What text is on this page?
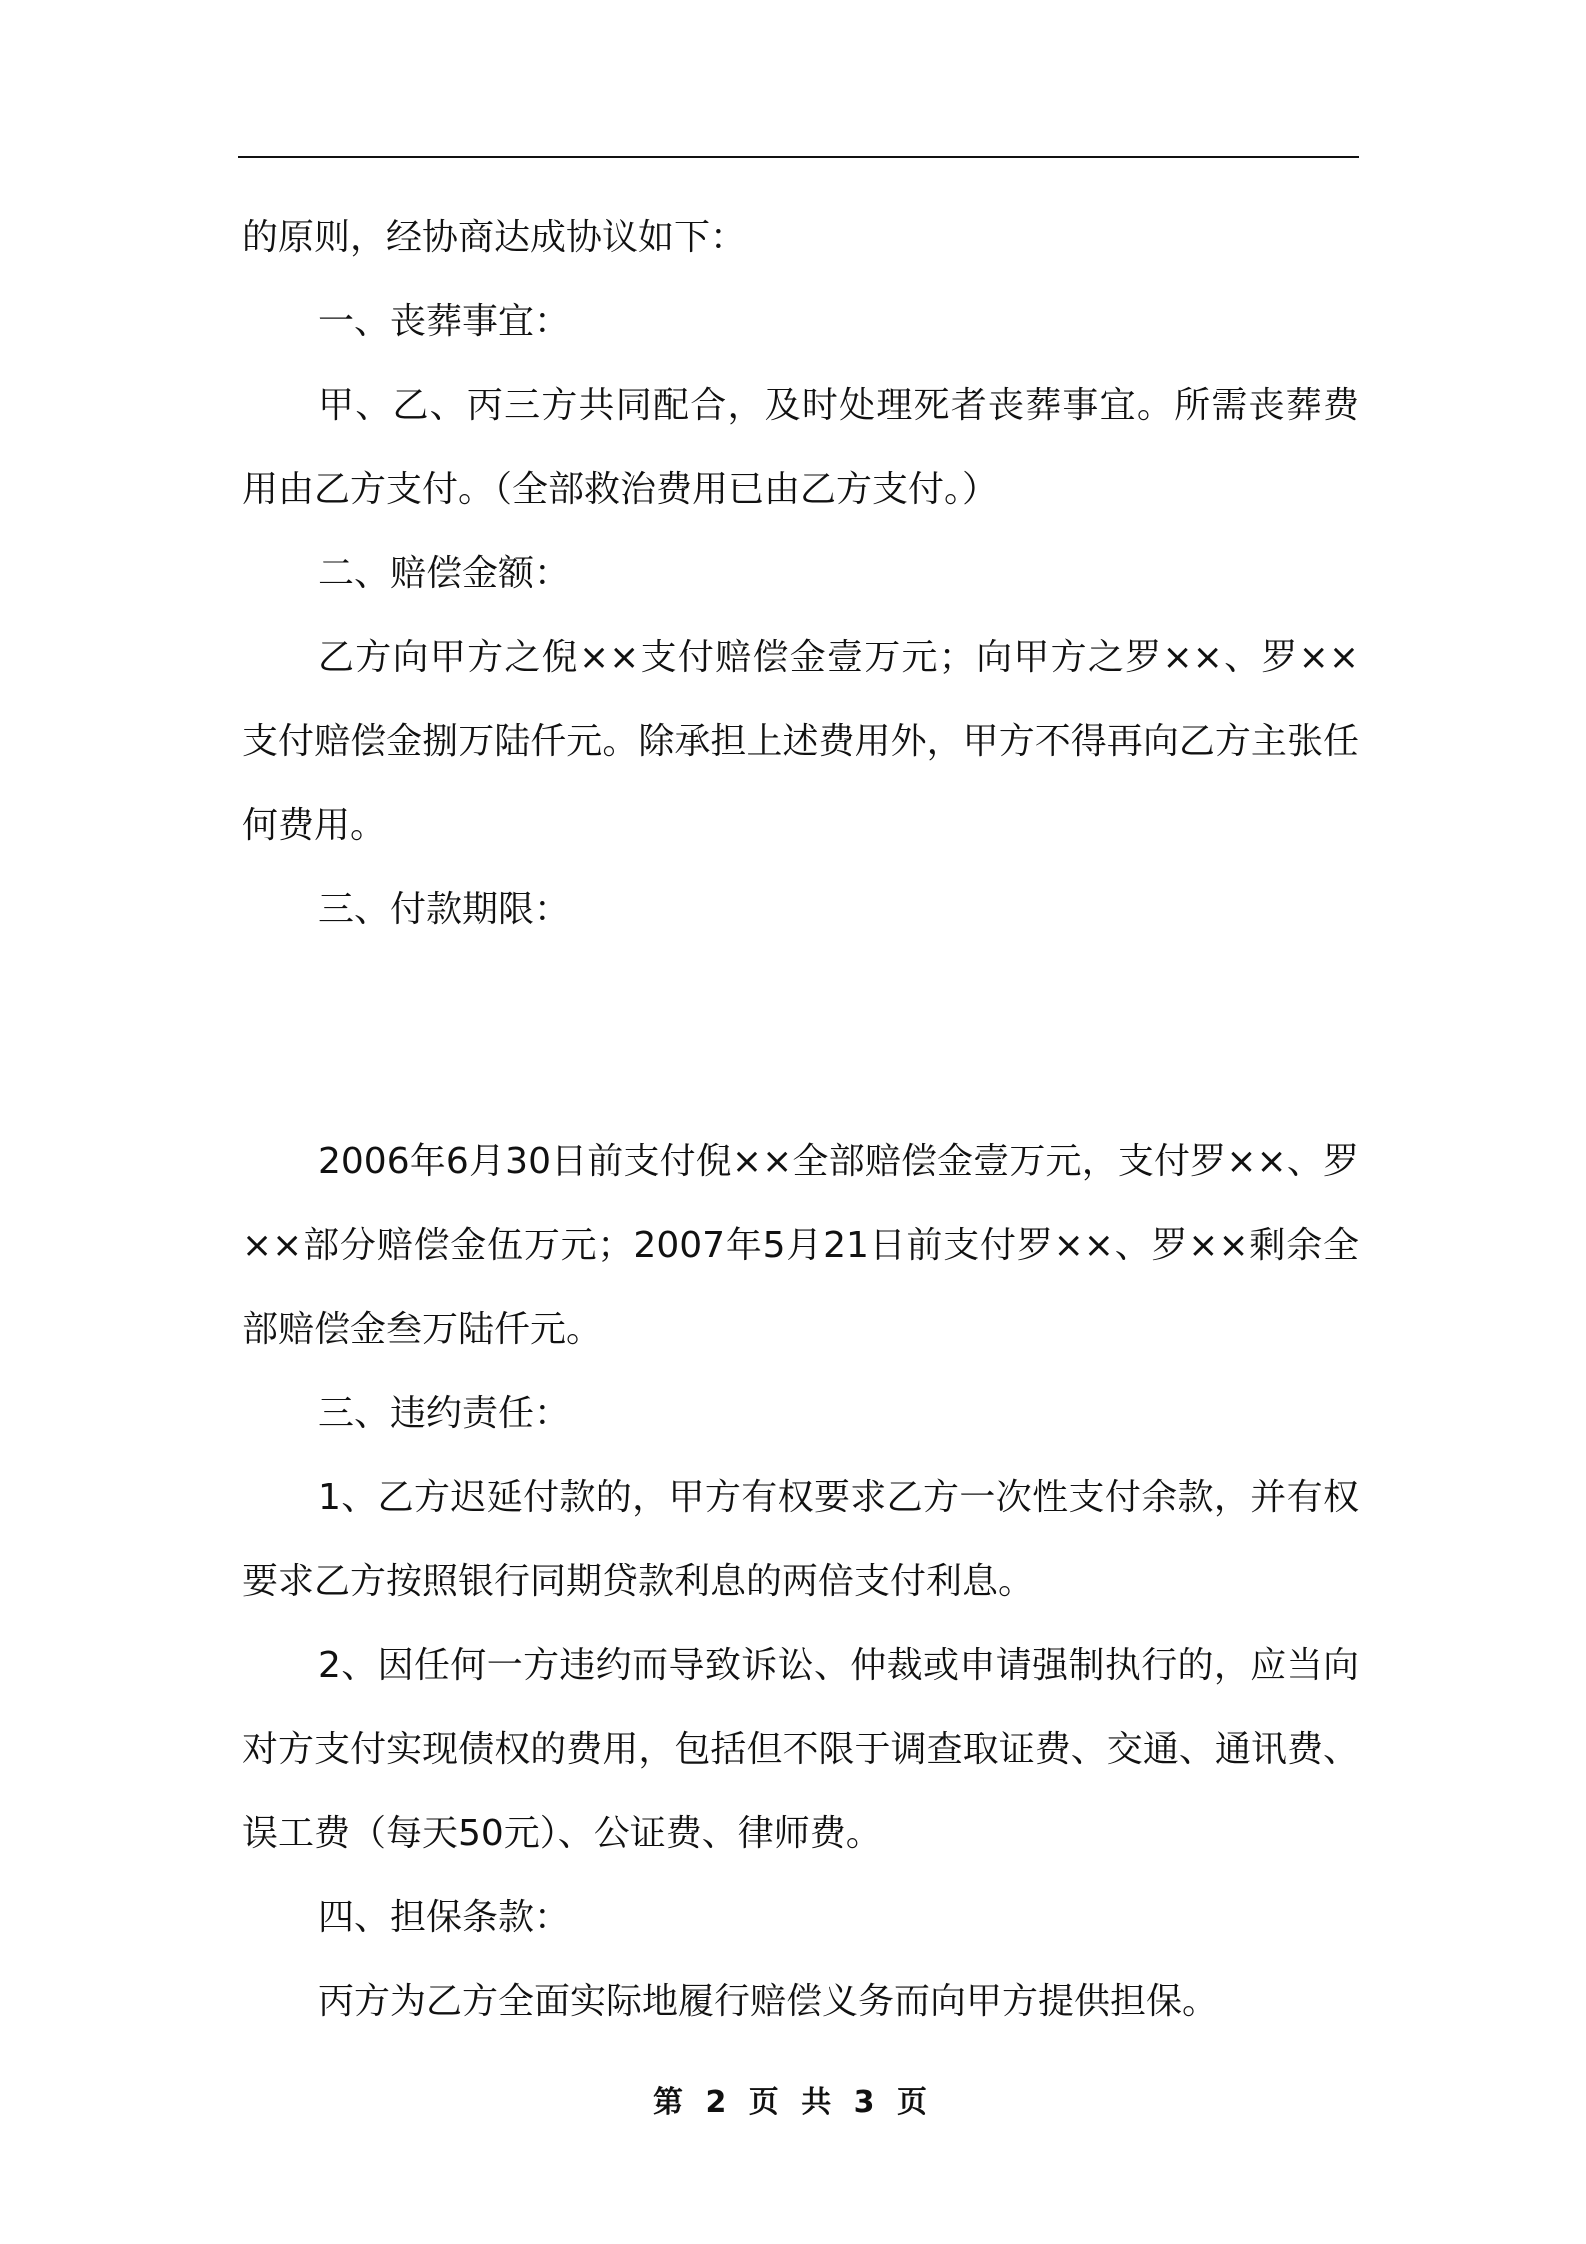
的原则，经协商达成协议如下：

一、丧葬事宜：

甲、乙、丙三方共同配合，及时处理死者丧葬事宜。所需丧葬费用由乙方支付。（全部救治费用已由乙方支付。）

二、赔偿金额：

乙方向甲方之倪××支付赔偿金壹万元；向甲方之罗××、罗××支付赔偿金捌万陆仟元。除承担上述费用外，甲方不得再向乙方主张任何费用。

三、付款期限：

2006年6月30日前支付倪××全部赔偿金壹万元，支付罗××、罗××部分赔偿金伍万元；2007年5月21日前支付罗××、罗××剩余全部赔偿金叁万陆仟元。

三、违约责任：

1、乙方迟延付款的，甲方有权要求乙方一次性支付余款，并有权要求乙方按照银行同期贷款利息的两倍支付利息。

2、因任何一方违约而导致诉讼、仲裁或申请强制执行的，应当向对方支付实现债权的费用，包括但不限于调查取证费、交通、通讯费、误工费（每天50元）、公证费、律师费。

四、担保条款：

丙方为乙方全面实际地履行赔偿义务而向甲方提供担保。

第 2 页 共 3 页
